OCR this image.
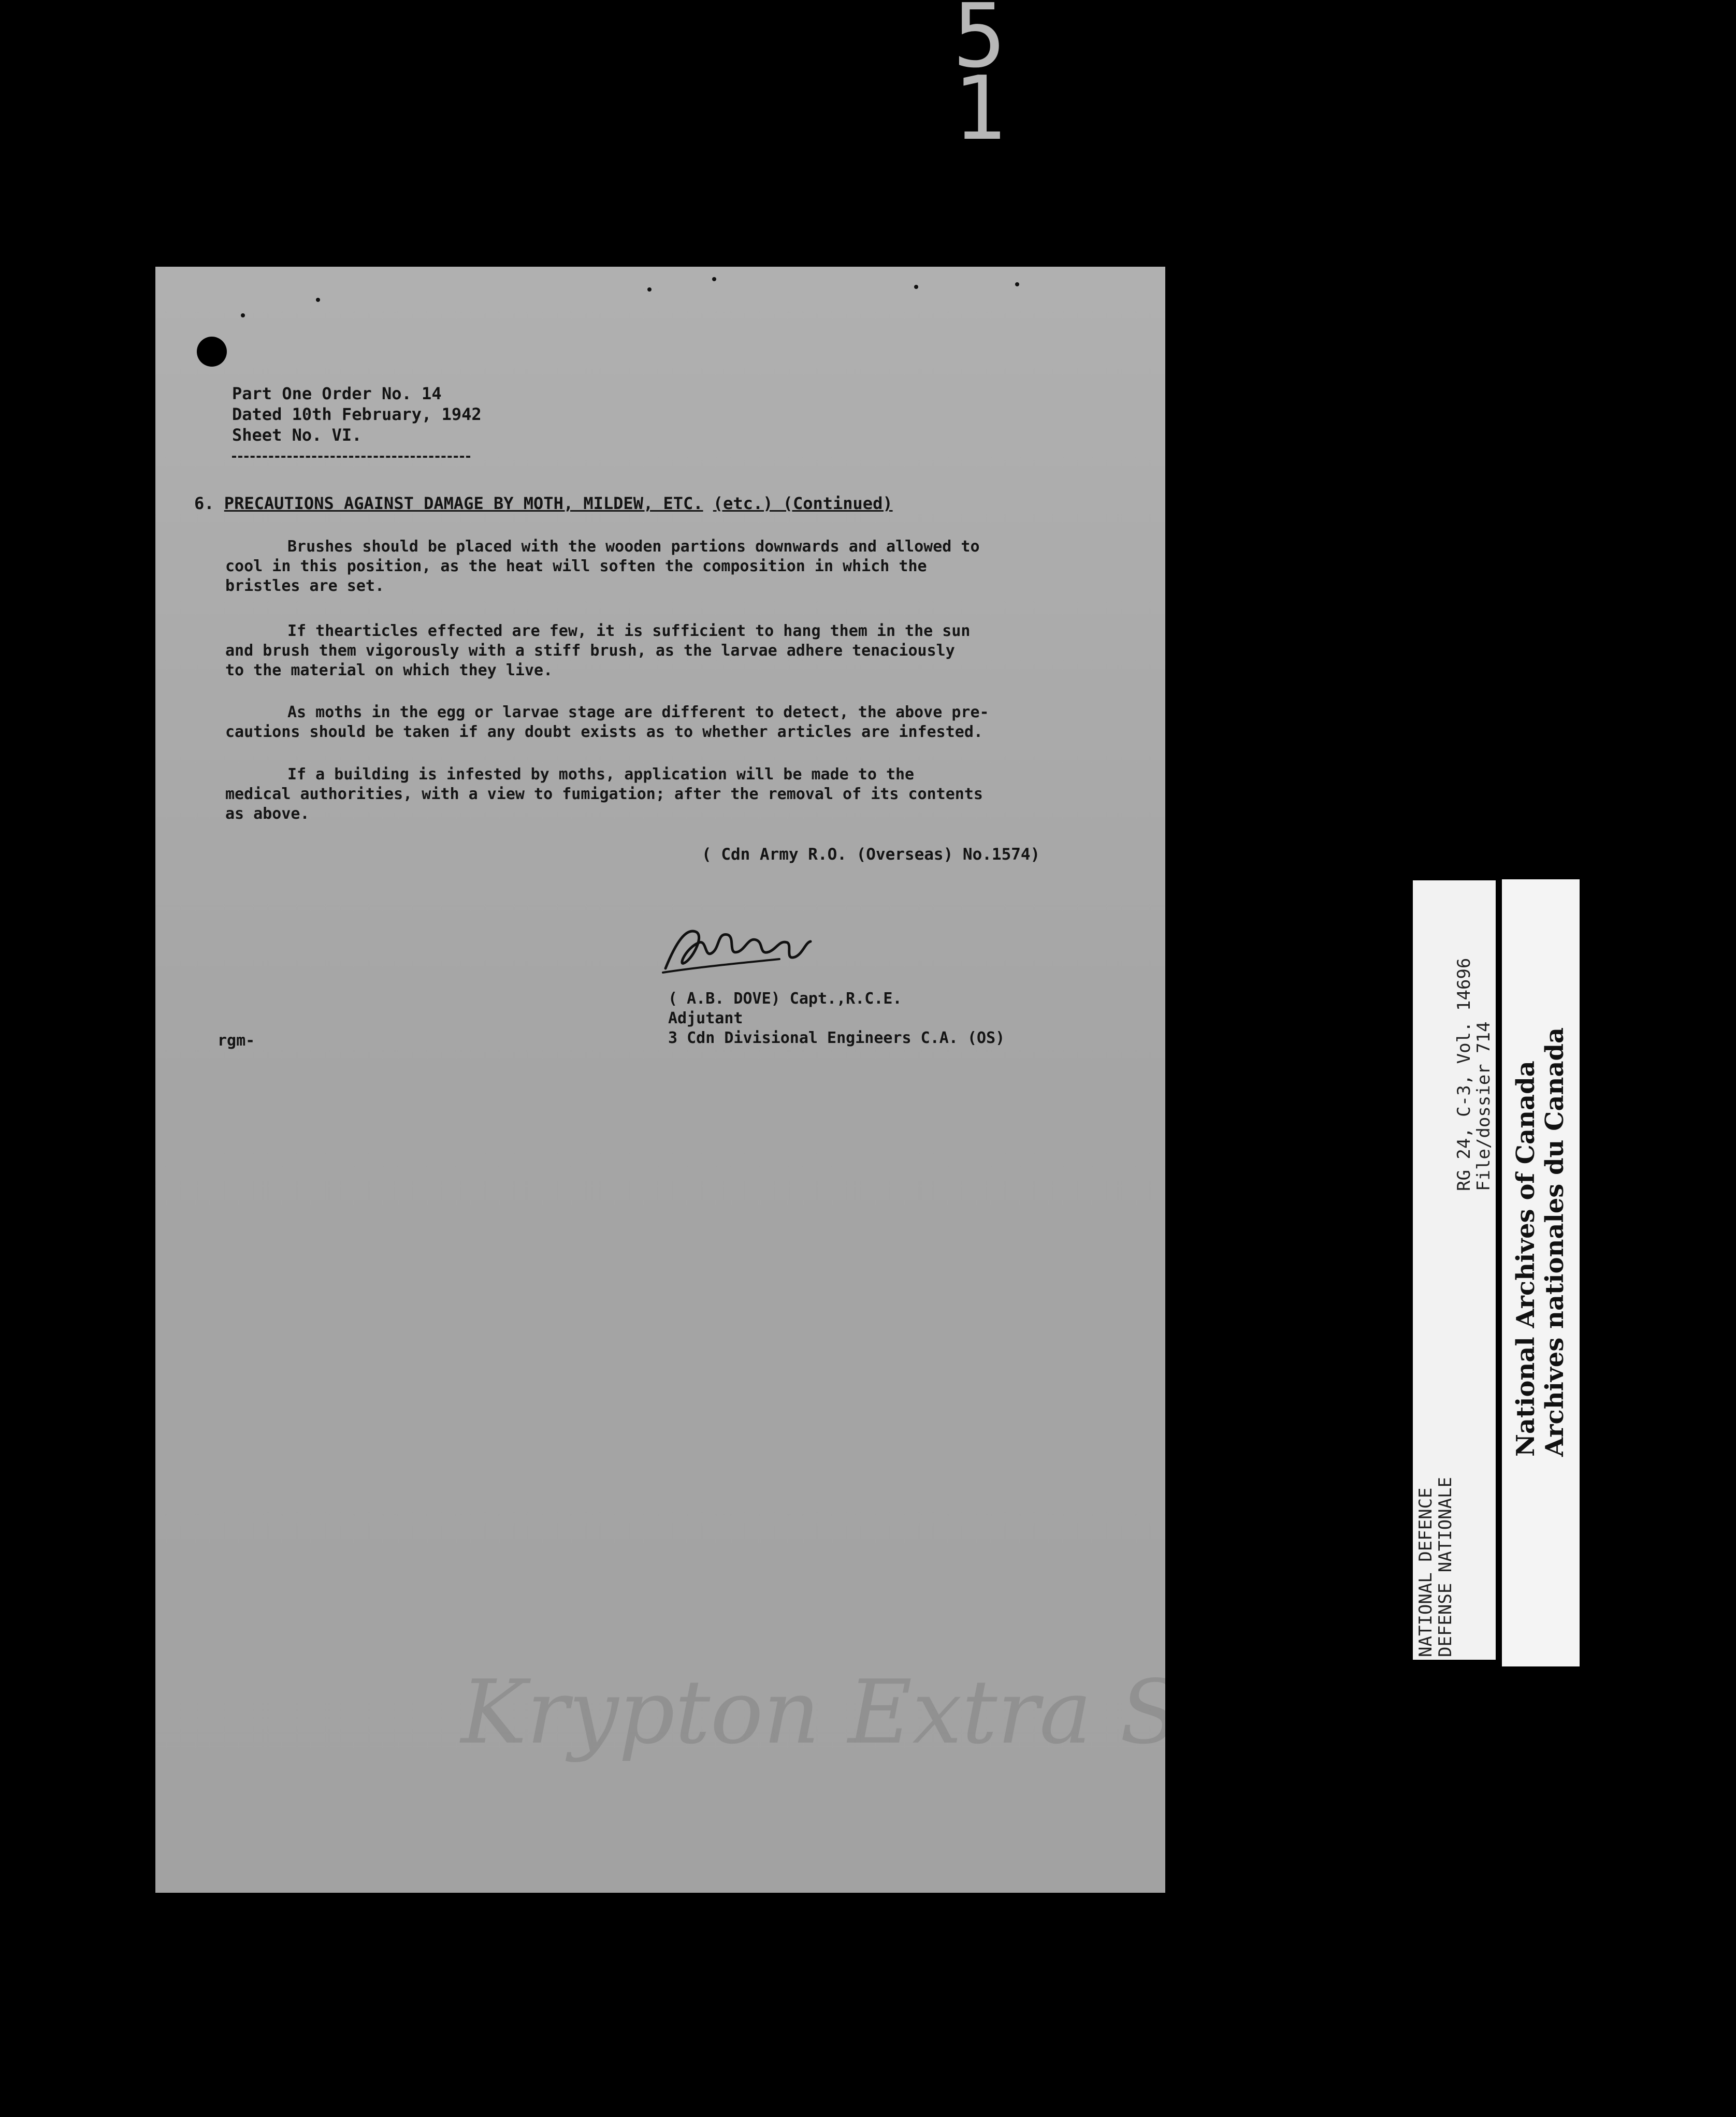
5 1
Part One Order No. 14
Dated 10th February, 1942
Sheet No. VI.
6. PRECAUTIONS AGAINST DAMAGE BY MOTH, MILDEW, ETC. (etc.) (Continued)
Brushes should be placed with the wooden partions downwards and allowed to
cool in this position, as the heat will soften the composition in which the
bristles are set.
If thearticles effected are few, it is sufficient to hang them in the sun
and brush them vigorously with a stiff brush, as the larvae adhere tenaciously
to the material on which they live.
As moths in the egg or larvae stage are different to detect, the above pre-
cautions should be taken if any doubt exists as to whether articles are infested.
If a building is infested by moths, application will be made to the
medical authorities, with a view to fumigation; after the removal of its contents
as above.
( Cdn Army R.O. (Overseas) No.1574)
( A.B. DOVE) Capt.,R.C.E.
Adjutant
3 Cdn Divisional Engineers C.A. (OS)
rgm-
Krypton Extra Str
NATIONAL DEFENCE
DEFENSE NATIONALE
RG 24, C-3, Vol. 14696
File/dossier 714
National Archives of Canada
Archives nationales du Canada
